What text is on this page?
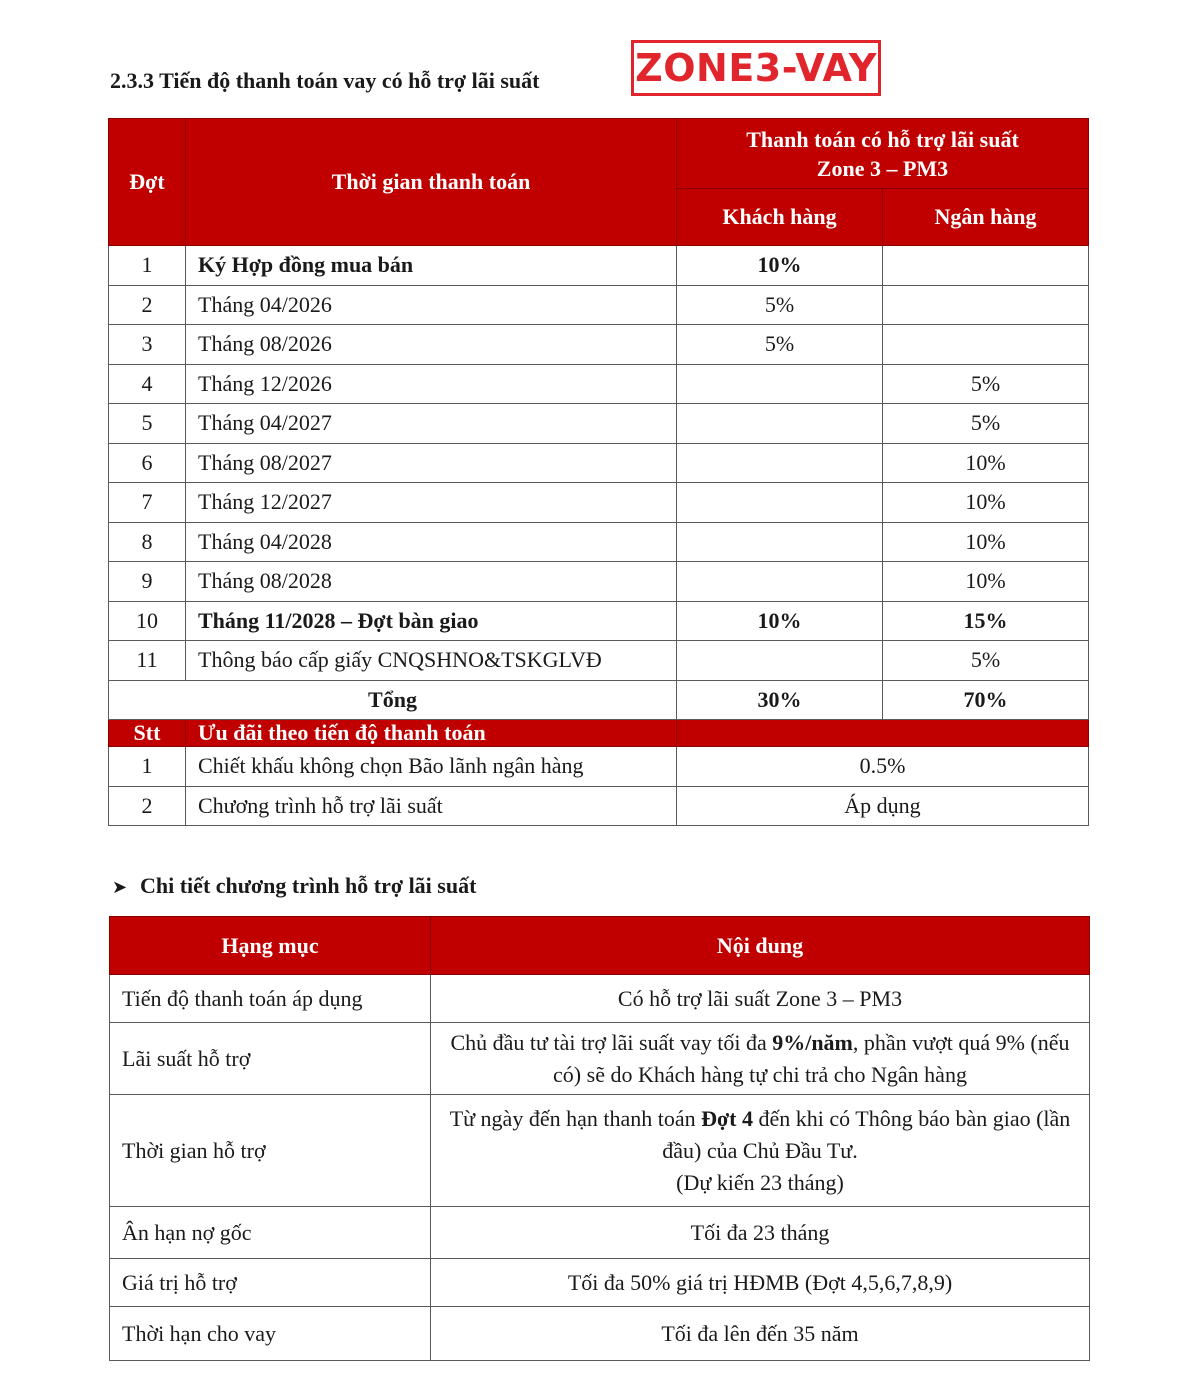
2.3.3 Tiến độ thanh toán vay có hỗ trợ lãi suất	ZONE3-VAY
Đợt	Thời gian thanh toán	Thanh toán có hỗ trợ lãi suất
Zone 3 – PM3	
		Khách hàng	Ngân hàng
1	Ký Hợp đồng mua bán	10%	
2	Tháng 04/2026	5%	
3	Tháng 08/2026	5%	
4	Tháng 12/2026		5%
5	Tháng 04/2027		5%
6	Tháng 08/2027		10%
7	Tháng 12/2027		10%
8	Tháng 04/2028		10%
9	Tháng 08/2028		10%
10	Tháng 11/2028 – Đợt bàn giao	10%	15%
11	Thông báo cấp giấy CNQSHNO&TSKGLVĐ		5%
Tổng		30%	70%
Stt	Ưu đãi theo tiến độ thanh toán		
1	Chiết khấu không chọn Bão lãnh ngân hàng	0.5%	
2	Chương trình hỗ trợ lãi suất	Áp dụng	
➤ Chi tiết chương trình hỗ trợ lãi suất
Hạng mục	Nội dung
Tiến độ thanh toán áp dụng	Có hỗ trợ lãi suất Zone 3 – PM3
Lãi suất hỗ trợ	Chủ đầu tư tài trợ lãi suất vay tối đa 9%/năm, phần vượt quá 9% (nếu có) sẽ do Khách hàng tự chi trả cho Ngân hàng
Thời gian hỗ trợ	Từ ngày đến hạn thanh toán Đợt 4 đến khi có Thông báo bàn giao (lần đầu) của Chủ Đầu Tư.
(Dự kiến 23 tháng)
Ân hạn nợ gốc	Tối đa 23 tháng
Giá trị hỗ trợ	Tối đa 50% giá trị HĐMB (Đợt 4,5,6,7,8,9)
Thời hạn cho vay	Tối đa lên đến 35 năm
